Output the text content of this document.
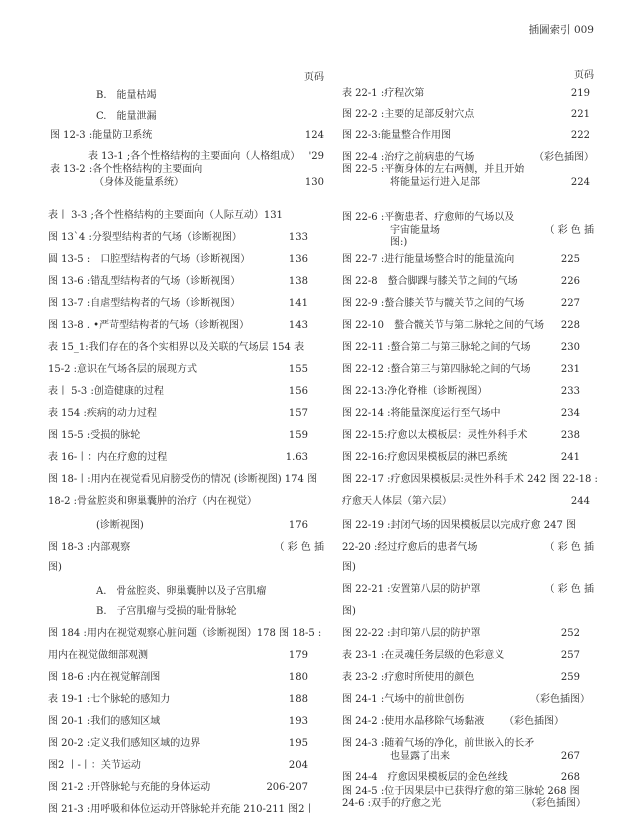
插圖索引 009
页码
B.　能量枯竭
C.　能量泄漏
图 12-3 :能量防卫系统	124
表 13-1 ;各个性格结构的主要面向（人格组成） '29
表 13-2 :各个性格结构的主要面向
（身体及能量系统）	130
表丨 3-3 ;各个性格结构的主要面向（人际互动）131
图 13`4 :分裂型结构者的气场（诊断视图）	133
圆 13-5 :　口腔型结构者的气场（诊断视图）	136
图 13-6 :错乱型结构者的气场（诊断视图）	138
图 13-7 :自虐型结构者的气场（诊断视图）	141
图 13-8 . •严苛型结构者的气场（诊断视图）	143
表 15_1:我们存在的各个实相界以及关联的气场层 154 表
15-2 :意识在气场各层的展现方式	155
表丨 5-3 :创造健康的过程	156
表 154 :疾病的动力过程	157
图 15-5 :受损的脉轮	159
表 16-丨：内在疗愈的过程	1.63
图 18-丨:用内在视觉看见肩膀受伤的情况 (诊断视图) 174 图
18-2 :骨盆腔炎和卵巢囊肿的治疗（内在视觉）
(诊断视图)	176
图 18-3 :内部观察	（ 彩 色 插
图)
A.　骨盆腔炎、卵巢囊肿以及子宫肌瘤
B.　子宫肌瘤与受损的耻骨脉轮
图 184 :用内在视觉观察心脏问题（诊断视图）178 图 18-5 :
用内在视觉做细部观测	179
图 18-6 :内在视觉解剖图	180
表 19-1 :七个脉轮的感知力	188
图 20-1 :我们的感知区域	193
图 20-2 :定义我们感知区域的边界	195
图2 丨-丨：关节运动	204
图 21-2 :开啓脉轮与充能的身体运动	206-207
图 21-3 :用呼吸和体位运动开啓脉轮并充能 210-211 图2丨
页码
表 22-1 :疗程次第	219
图 22-2 :主要的足部反射穴点	221
图 22-3:能量整合作用图	222
图 22-4 :治疗之前病患的气场	（彩色插图）
图 22-5 :平衡身体的左右两侧，并且开始
将能量运行进入足部	224
图 22-6 :平衡患者、疗愈师的气场以及
宇宙能量场	（ 彩 色 插
图:)
图 22-7 :进行能量场整合时的能量流向	225
图 22-8　螯合脚踝与膝关节之间的气场	226
图 22-9 :螯合膝关节与髋关节之间的气场	227
图 22-10　螯合髋关节与第二脉轮之间的气场 228
图 22-11 :螯合第二与第三脉轮之间的气场	230
图 22-12 :螯合第三与第四脉轮之间的气场	231
图 22-13:净化脊椎（诊断视图）	233
图 22-14 :将能量深度运行至气场中	234
图 22-15:疗愈以太模板层：灵性外科手术	238
图 22-16:疗愈因果模板层的淋巴系统	241
图 22-17 :疗愈因果模板层:灵性外科手术 242 图 22-18 :
疗愈天人体层（第六层）	244
图 22-19 :封闭气场的因果模板层以完成疗愈 247 图
22-20 :经过疗愈后的患者气场	（ 彩 色 插
图)
图 22-21 :安置第八层的防护罩	（ 彩 色 插
图)
图 22-22 :封印第八层的防护罩	252
表 23-1 :在灵魂任务层级的色彩意义	257
表 23-2 :疗愈时所使用的颜色	259
图 24-1 :气场中的前世创伤	（彩色插图）
图 24-2 :使用水晶移除气场黏液 （彩色插图）
图 24-3 :随着气场的净化，前世嵌入的长矛
也显露了出来	267
图 24-4　疗愈因果模板层的金色丝线	268
图 24-5 :位于因果层中已获得疗愈的第三脉轮 268 图
24-6 :双手的疗愈之光	（彩色插图）
